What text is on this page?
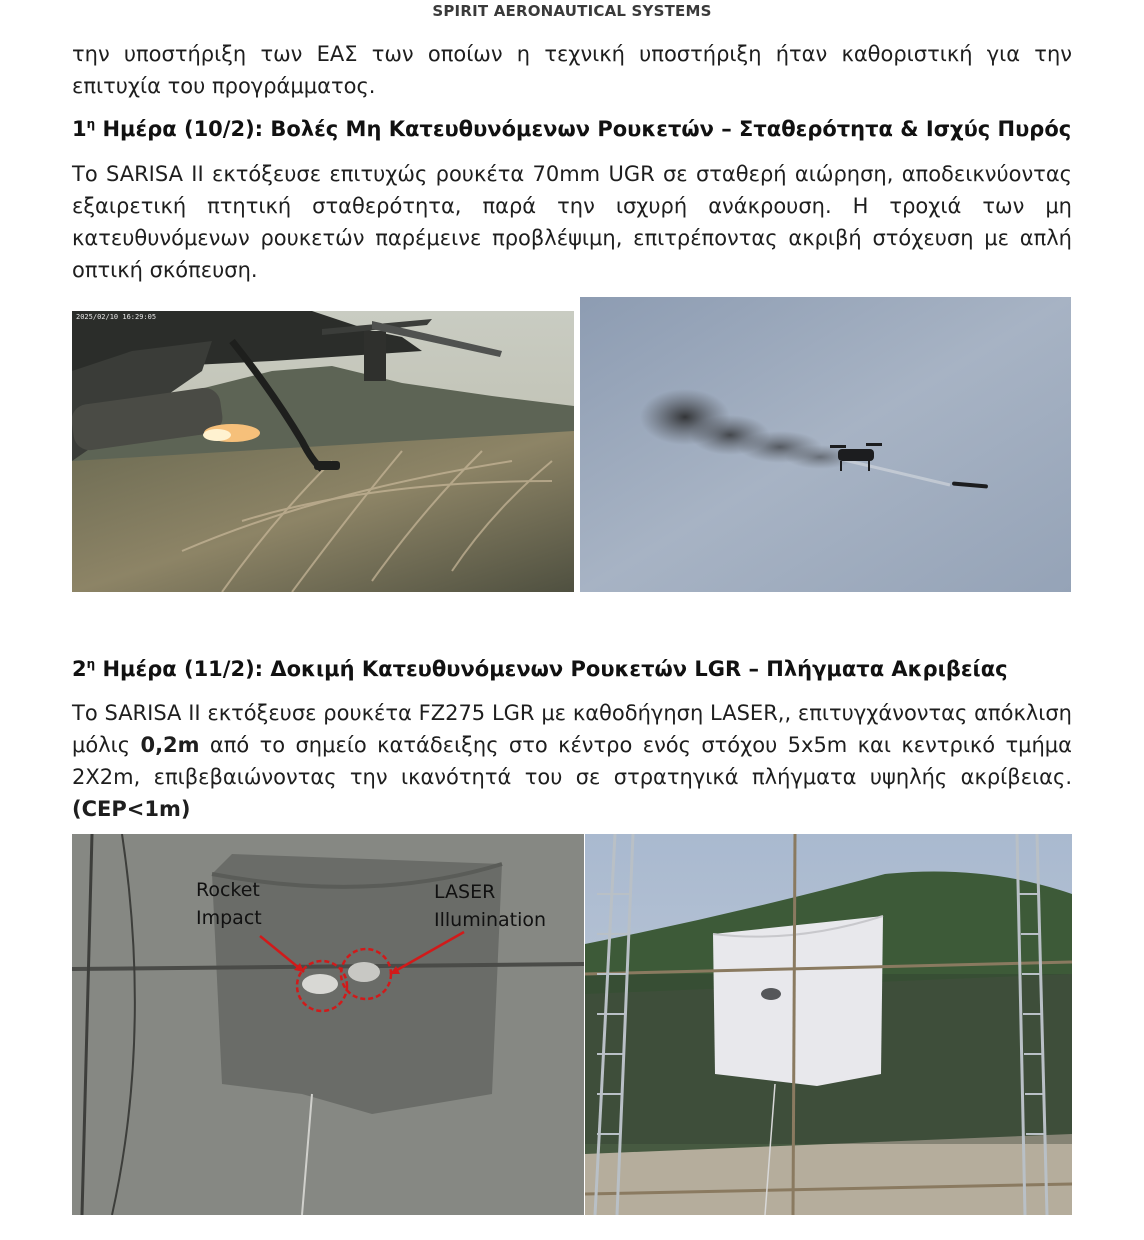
SPIRIT AERONAUTICAL SYSTEMS
την υποστήριξη των ΕΑΣ των οποίων η τεχνική υποστήριξη ήταν καθοριστική για την επιτυχία του προγράμματος.
$1^\eta$ Ημέρα (10/2): Βολές Μη Κατευθυνόμενων Ρουκετών – Σταθερότητα & Ισχύς Πυρός
Το SARISA II εκτόξευσε επιτυχώς ρουκέτα 70mm UGR σε σταθερή αιώρηση, αποδεικνύοντας εξαιρετική πτητική σταθερότητα, παρά την ισχυρή ανάκρουση. Η τροχιά των μη κατευθυνόμενων ρουκετών παρέμεινε προβλέψιμη, επιτρέποντας ακριβή στόχευση με απλή οπτική σκόπευση.
2025/02/10 16:29:05
$2^\eta$ Ημέρα (11/2): Δοκιμή Κατευθυνόμενων Ρουκετών LGR – Πλήγματα Ακριβείας
Το SARISA II εκτόξευσε ρουκέτα FZ275 LGR με καθοδήγηση LASER,, επιτυγχάνοντας απόκλιση μόλις 0,2m από το σημείο κατάδειξης στο κέντρο ενός στόχου 5x5m και κεντρικό τμήμα 2X2m, επιβεβαιώνοντας την ικανότητά του σε στρατηγικά πλήγματα υψηλής ακρίβειας. (CEP<1m)
Rocket
Impact
LASER
Illumination
